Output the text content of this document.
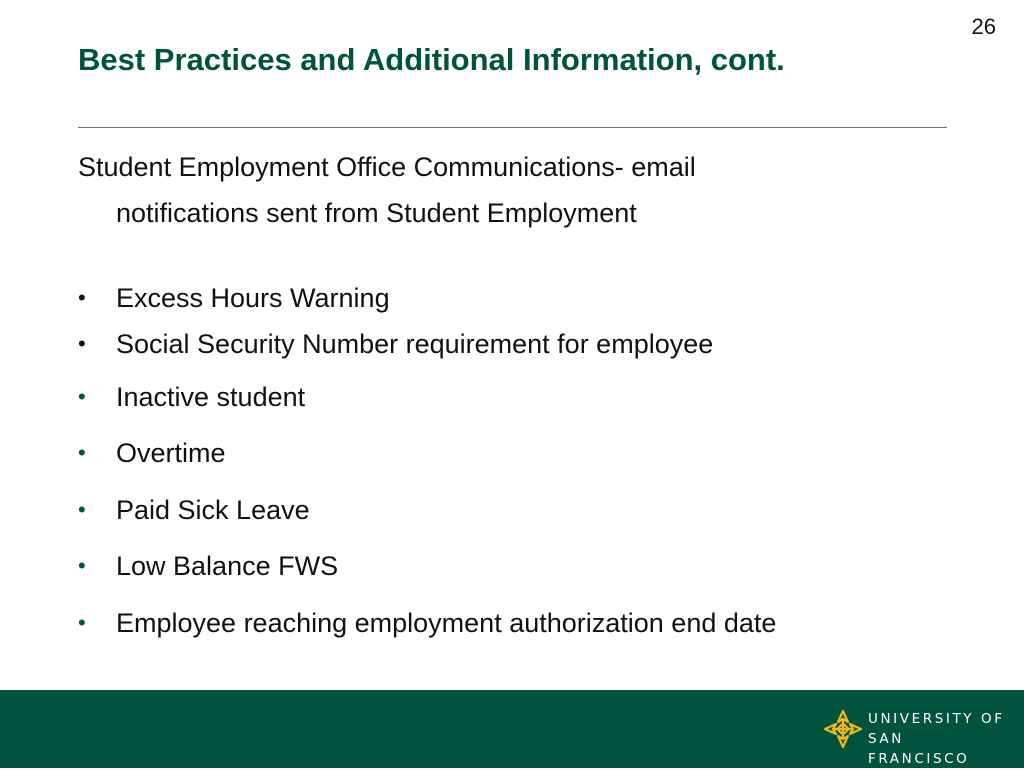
26
Best Practices and Additional Information, cont.

Student Employment Office Communications- email
notifications sent from Student Employment

•	Excess Hours Warning
•	Social Security Number requirement for employee
•	Inactive student
•	Overtime
•	Paid Sick Leave
•	Low Balance FWS
•	Employee reaching employment authorization end date
UNIVERSITY OF
SAN FRANCISCO
